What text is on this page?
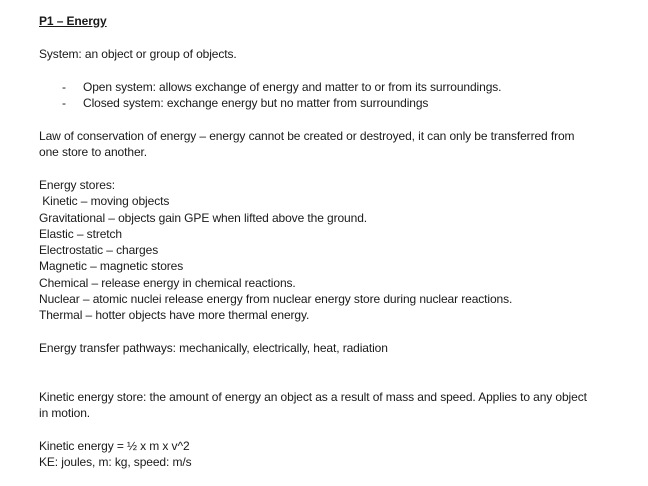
P1 – Energy
System: an object or group of objects.
- Open system: allows exchange of energy and matter to or from its surroundings.
- Closed system: exchange energy but no matter from surroundings
Law of conservation of energy – energy cannot be created or destroyed, it can only be transferred from
one store to another.
Energy stores:
Kinetic – moving objects
Gravitational – objects gain GPE when lifted above the ground.
Elastic – stretch
Electrostatic – charges
Magnetic – magnetic stores
Chemical – release energy in chemical reactions.
Nuclear – atomic nuclei release energy from nuclear energy store during nuclear reactions.
Thermal – hotter objects have more thermal energy.
Energy transfer pathways: mechanically, electrically, heat, radiation
Kinetic energy store: the amount of energy an object as a result of mass and speed. Applies to any object
in motion.
Kinetic energy = ½ x m x v^2
KE: joules, m: kg, speed: m/s
